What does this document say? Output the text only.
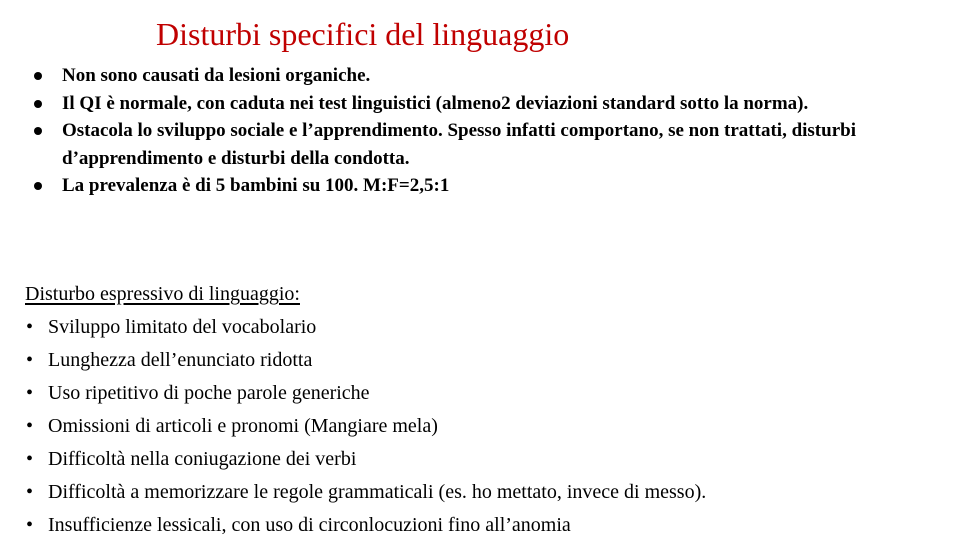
Disturbi specifici del linguaggio
Non sono causati da lesioni organiche.
Il QI è normale, con caduta nei test linguistici (almeno2 deviazioni standard sotto la norma).
Ostacola lo sviluppo sociale e l’apprendimento. Spesso infatti comportano, se non trattati, disturbi d’apprendimento e disturbi della condotta.
La prevalenza è di 5 bambini su 100. M:F=2,5:1
Disturbo espressivo di linguaggio:
• Sviluppo limitato del vocabolario
• Lunghezza dell’enunciato ridotta
• Uso ripetitivo di poche parole generiche
• Omissioni di articoli e pronomi (Mangiare mela)
• Difficoltà nella coniugazione dei verbi
• Difficoltà a memorizzare le regole grammaticali (es. ho mettato, invece di messo).
• Insufficienze lessicali, con uso di circonlocuzioni fino all’anomia
